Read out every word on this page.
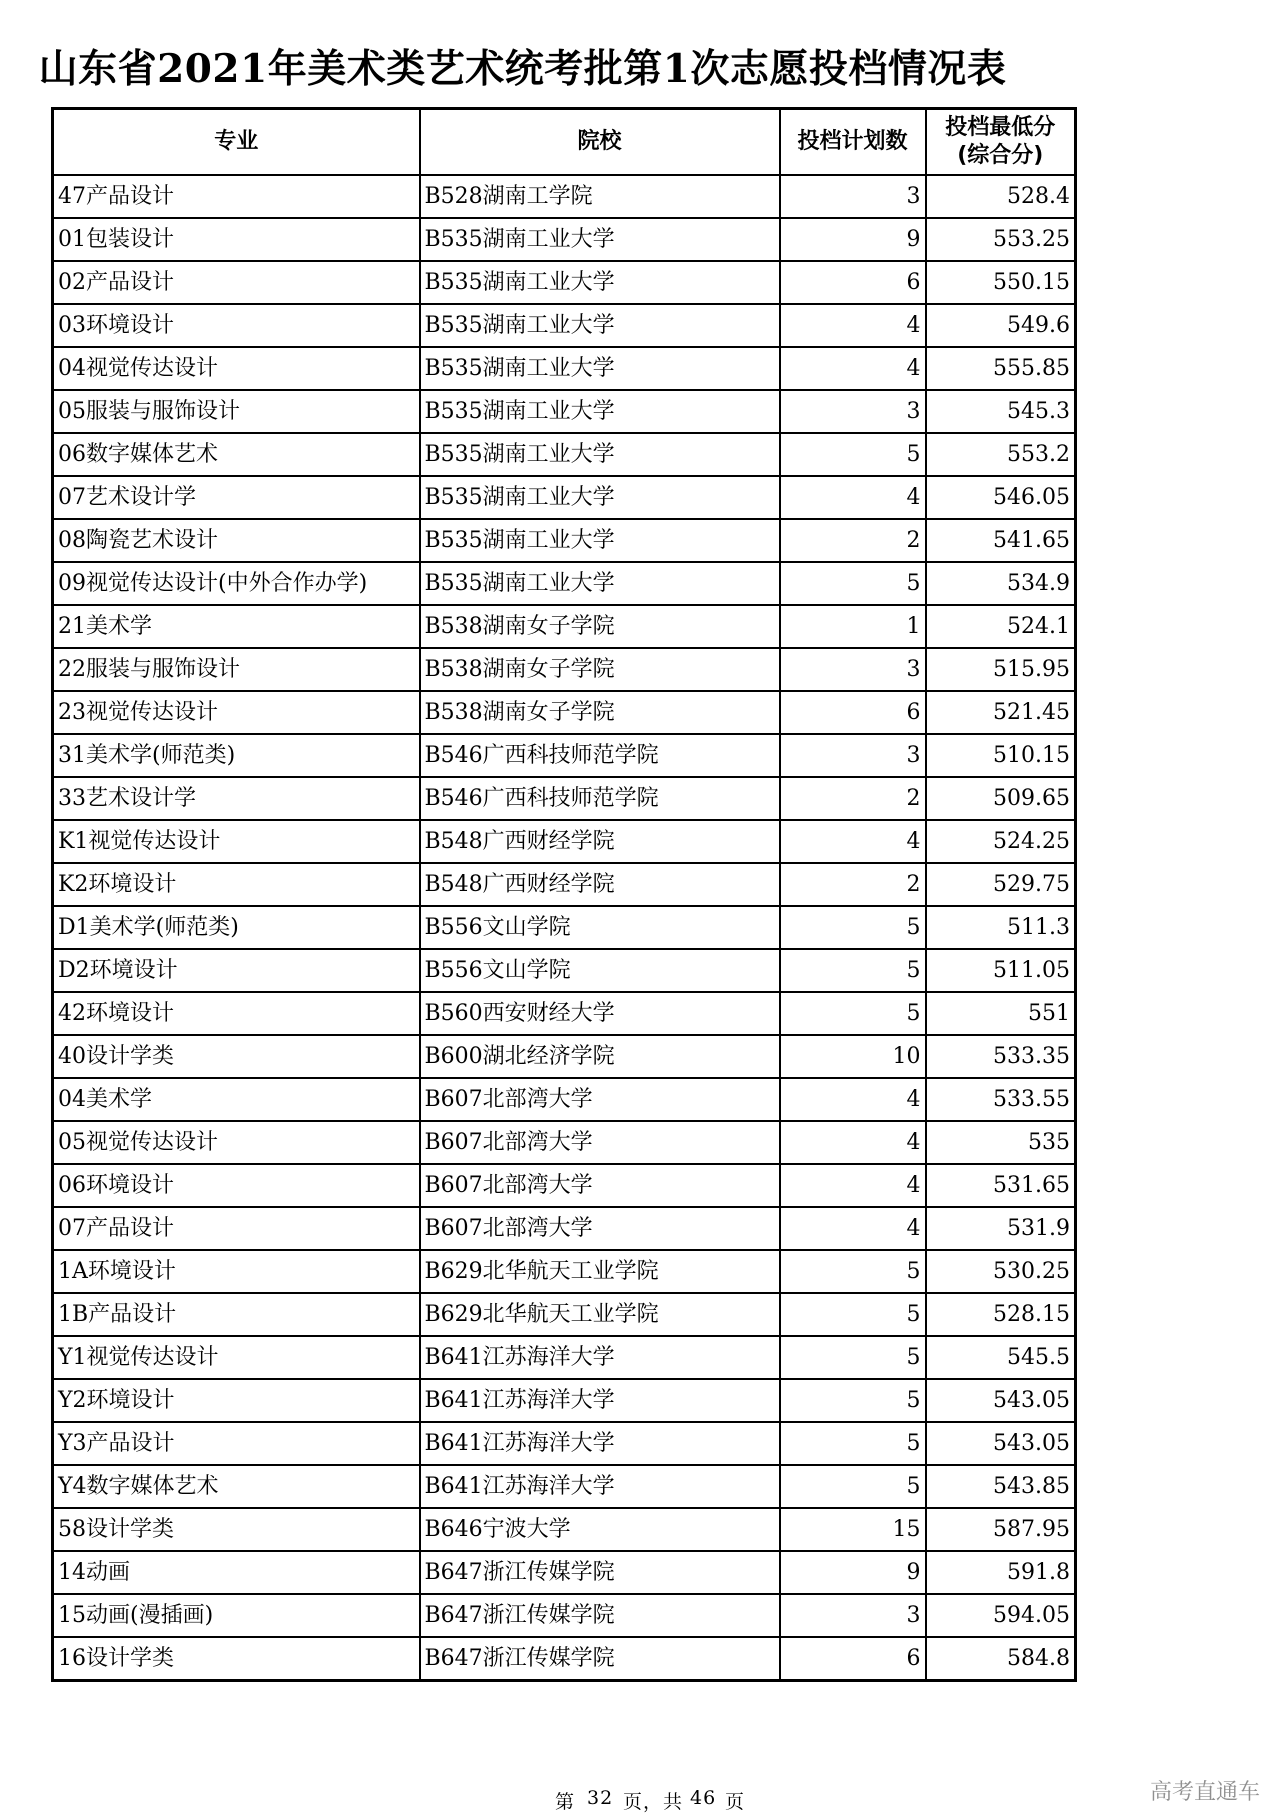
山东省2021年美术类艺术统考批第1次志愿投档情况表
专业	院校	投档计划数	投档最低分
(综合分)

47产品设计	B528湖南工学院	3	528.4
01包装设计	B535湖南工业大学	9	553.25
02产品设计	B535湖南工业大学	6	550.15
03环境设计	B535湖南工业大学	4	549.6
04视觉传达设计	B535湖南工业大学	4	555.85
05服装与服饰设计	B535湖南工业大学	3	545.3
06数字媒体艺术	B535湖南工业大学	5	553.2
07艺术设计学	B535湖南工业大学	4	546.05
08陶瓷艺术设计	B535湖南工业大学	2	541.65
09视觉传达设计(中外合作办学)	B535湖南工业大学	5	534.9
21美术学	B538湖南女子学院	1	524.1
22服装与服饰设计	B538湖南女子学院	3	515.95
23视觉传达设计	B538湖南女子学院	6	521.45
31美术学(师范类)	B546广西科技师范学院	3	510.15
33艺术设计学	B546广西科技师范学院	2	509.65
K1视觉传达设计	B548广西财经学院	4	524.25
K2环境设计	B548广西财经学院	2	529.75
D1美术学(师范类)	B556文山学院	5	511.3
D2环境设计	B556文山学院	5	511.05
42环境设计	B560西安财经大学	5	551
40设计学类	B600湖北经济学院	10	533.35
04美术学	B607北部湾大学	4	533.55
05视觉传达设计	B607北部湾大学	4	535
06环境设计	B607北部湾大学	4	531.65
07产品设计	B607北部湾大学	4	531.9
1A环境设计	B629北华航天工业学院	5	530.25
1B产品设计	B629北华航天工业学院	5	528.15
Y1视觉传达设计	B641江苏海洋大学	5	545.5
Y2环境设计	B641江苏海洋大学	5	543.05
Y3产品设计	B641江苏海洋大学	5	543.05
Y4数字媒体艺术	B641江苏海洋大学	5	543.85
58设计学类	B646宁波大学	15	587.95
14动画	B647浙江传媒学院	9	591.8
15动画(漫插画)	B647浙江传媒学院	3	594.05
16设计学类	B647浙江传媒学院	6	584.8
第 32 页，共 46 页	高考直通车
